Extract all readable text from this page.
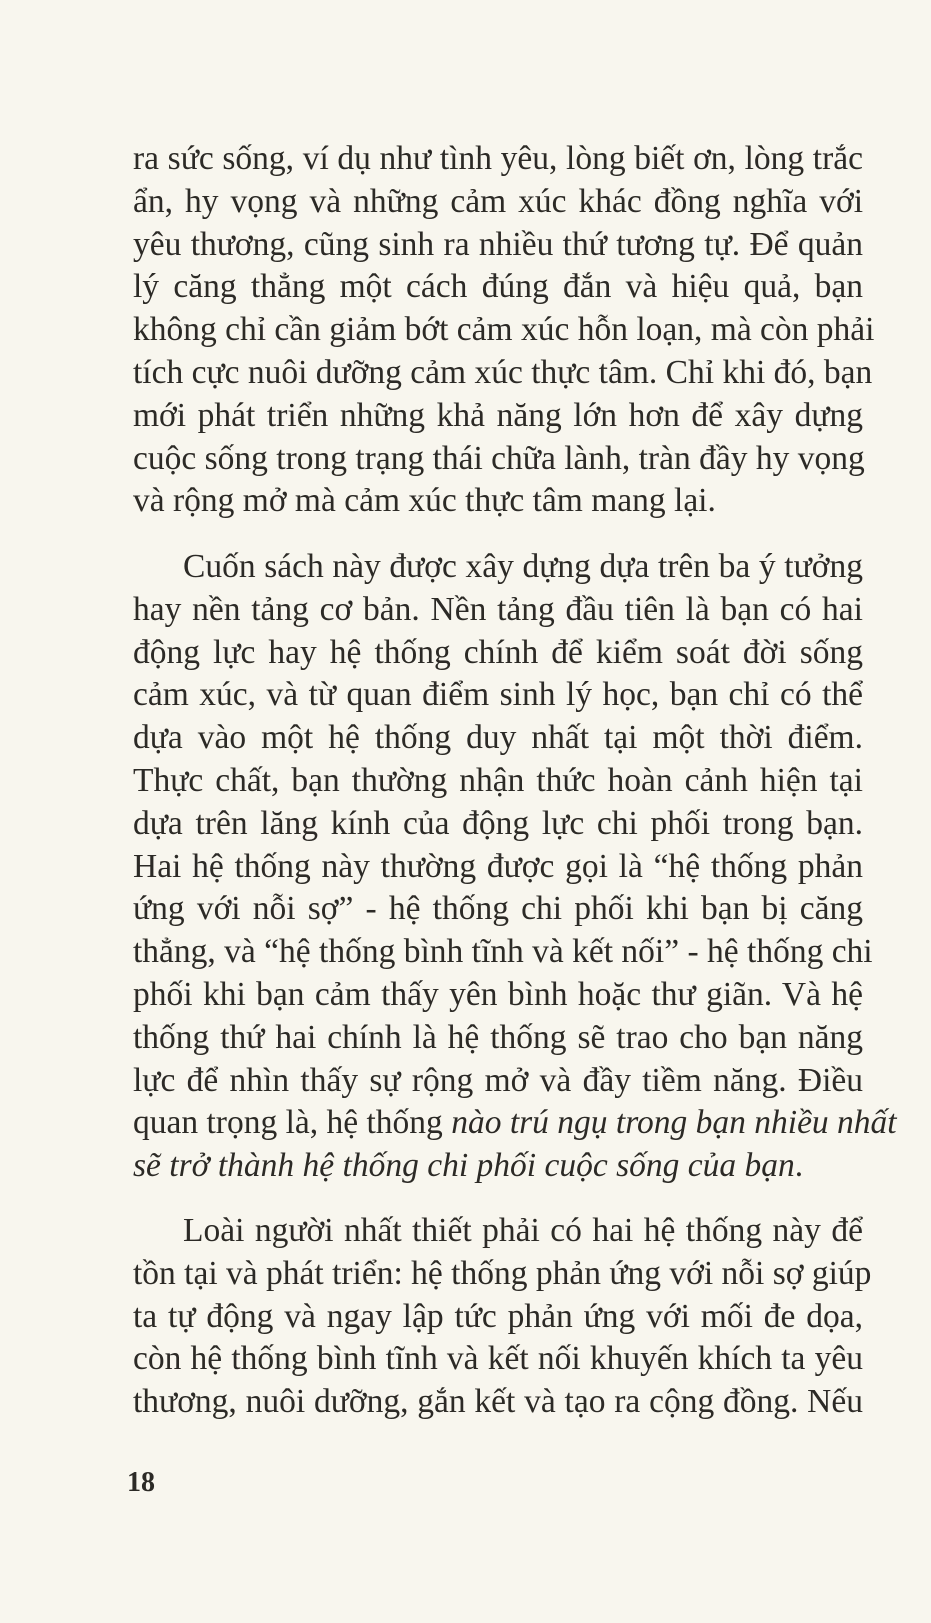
ra sức sống, ví dụ như tình yêu, lòng biết ơn, lòng trắc
ẩn, hy vọng và những cảm xúc khác đồng nghĩa với
yêu thương, cũng sinh ra nhiều thứ tương tự. Để quản
lý căng thẳng một cách đúng đắn và hiệu quả, bạn
không chỉ cần giảm bớt cảm xúc hỗn loạn, mà còn phải
tích cực nuôi dưỡng cảm xúc thực tâm. Chỉ khi đó, bạn
mới phát triển những khả năng lớn hơn để xây dựng
cuộc sống trong trạng thái chữa lành, tràn đầy hy vọng
và rộng mở mà cảm xúc thực tâm mang lại.
Cuốn sách này được xây dựng dựa trên ba ý tưởng
hay nền tảng cơ bản. Nền tảng đầu tiên là bạn có hai
động lực hay hệ thống chính để kiểm soát đời sống
cảm xúc, và từ quan điểm sinh lý học, bạn chỉ có thể
dựa vào một hệ thống duy nhất tại một thời điểm.
Thực chất, bạn thường nhận thức hoàn cảnh hiện tại
dựa trên lăng kính của động lực chi phối trong bạn.
Hai hệ thống này thường được gọi là “hệ thống phản
ứng với nỗi sợ” - hệ thống chi phối khi bạn bị căng
thẳng, và “hệ thống bình tĩnh và kết nối” - hệ thống chi
phối khi bạn cảm thấy yên bình hoặc thư giãn. Và hệ
thống thứ hai chính là hệ thống sẽ trao cho bạn năng
lực để nhìn thấy sự rộng mở và đầy tiềm năng. Điều
quan trọng là, hệ thống nào trú ngụ trong bạn nhiều nhất
sẽ trở thành hệ thống chi phối cuộc sống của bạn.
Loài người nhất thiết phải có hai hệ thống này để
tồn tại và phát triển: hệ thống phản ứng với nỗi sợ giúp
ta tự động và ngay lập tức phản ứng với mối đe dọa,
còn hệ thống bình tĩnh và kết nối khuyến khích ta yêu
thương, nuôi dưỡng, gắn kết và tạo ra cộng đồng. Nếu
18
